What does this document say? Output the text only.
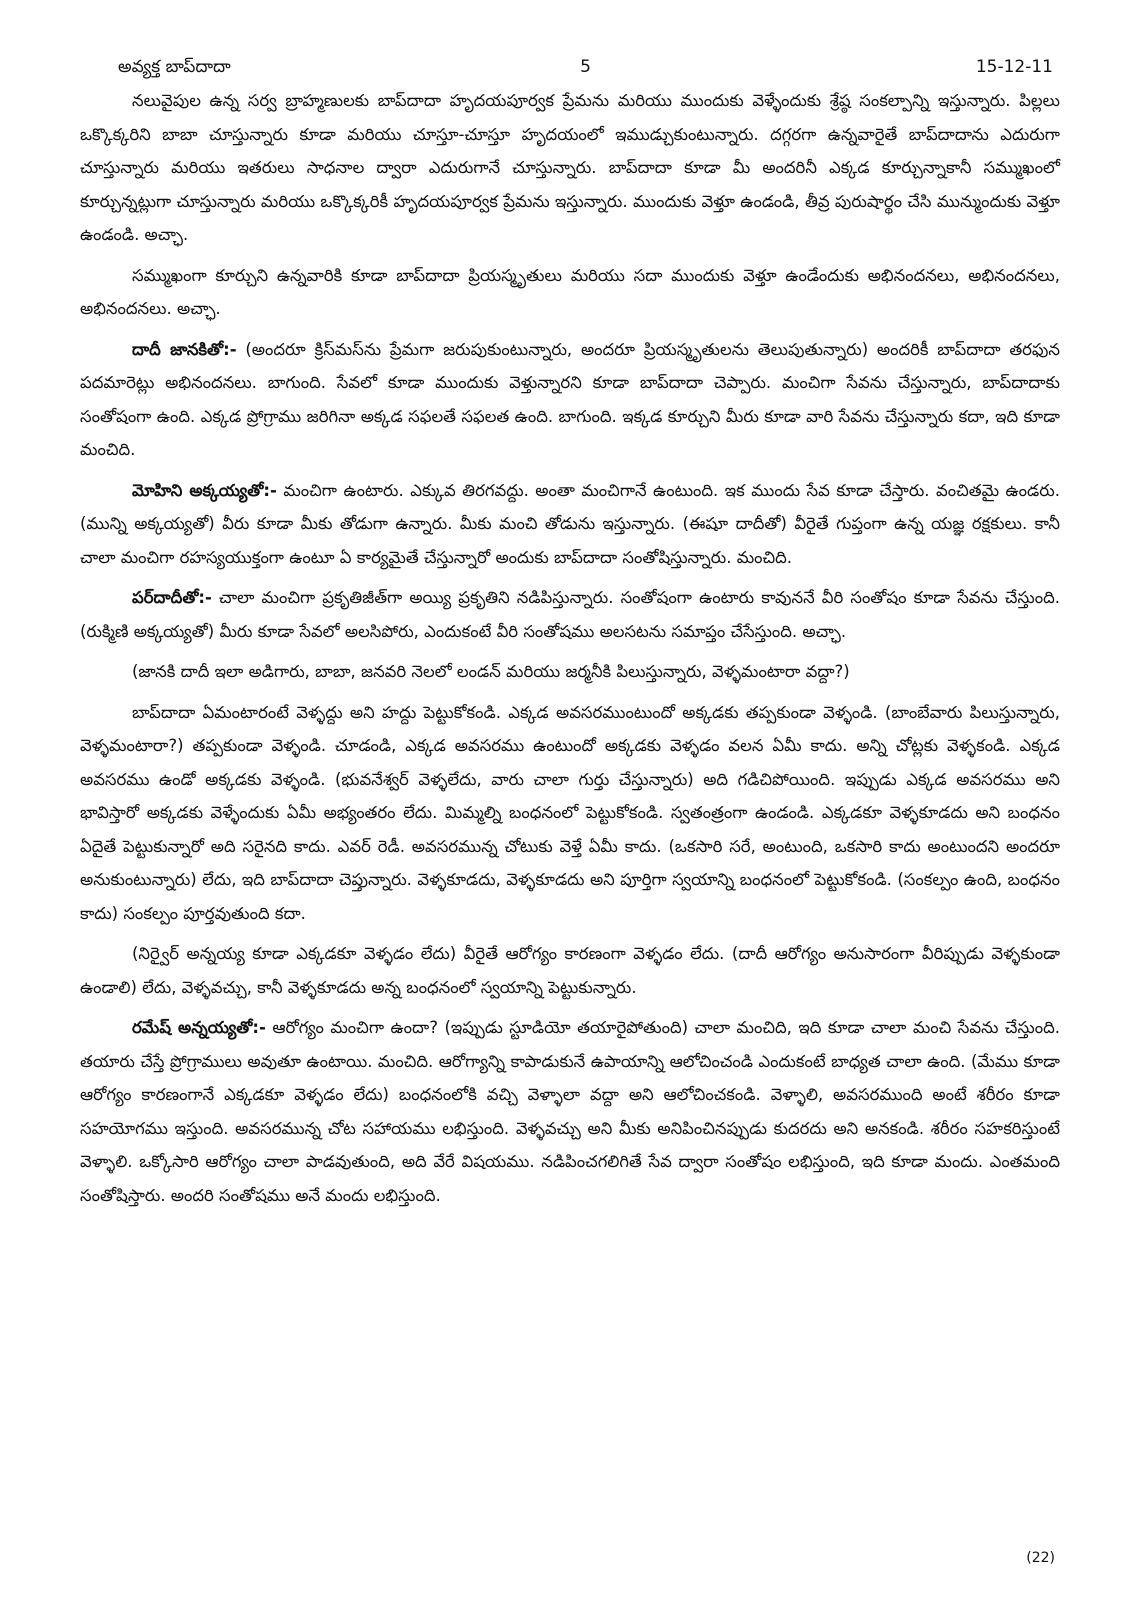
అవ్యక్త బాప్‌దాదా	5	15-12-11

నలువైపుల ఉన్న సర్వ బ్రాహ్మణులకు బాప్‌దాదా హృదయపూర్వక ప్రేమను మరియు ముందుకు వెళ్ళేందుకు శ్రేష్ఠ సంకల్పాన్ని ఇస్తున్నారు. పిల్లలు ఒక్కొక్కరిని బాబా చూస్తున్నారు కూడా మరియు చూస్తూ-చూస్తూ హృదయంలో ఇముడ్చుకుంటున్నారు. దగ్గరగా ఉన్నవారైతే బాప్‌దాదాను ఎదురుగా చూస్తున్నారు మరియు ఇతరులు సాధనాల ద్వారా ఎదురుగానే చూస్తున్నారు. బాప్‌దాదా కూడా మీ అందరినీ ఎక్కడ కూర్చున్నాకానీ సమ్ముఖంలో కూర్చున్నట్లుగా చూస్తున్నారు మరియు ఒక్కొక్కరికీ హృదయపూర్వక ప్రేమను ఇస్తున్నారు. ముందుకు వెళ్తూ ఉండండి, తీవ్ర పురుషార్థం చేసి మున్ముందుకు వెళ్తూ ఉండండి. అచ్ఛా.

సమ్ముఖంగా కూర్చుని ఉన్నవారికి కూడా బాప్‌దాదా ప్రియస్మృతులు మరియు సదా ముందుకు వెళ్తూ ఉండేందుకు అభినందనలు, అభినందనలు, అభినందనలు. అచ్ఛా.

దాదీ జానకితో:- (అందరూ క్రిస్‌మస్‌ను ప్రేమగా జరుపుకుంటున్నారు, అందరూ ప్రియస్మృతులను తెలుపుతున్నారు) అందరికీ బాప్‌దాదా తరఫున పదమారెట్లు అభినందనలు. బాగుంది. సేవలో కూడా ముందుకు వెళ్తున్నారని కూడా బాప్‌దాదా చెప్పారు. మంచిగా సేవను చేస్తున్నారు, బాప్‌దాదాకు సంతోషంగా ఉంది. ఎక్కడ ప్రోగ్రాము జరిగినా అక్కడ సఫలతే సఫలత ఉంది. బాగుంది. ఇక్కడ కూర్చుని మీరు కూడా వారి సేవను చేస్తున్నారు కదా, ఇది కూడా మంచిది.

మోహిని అక్కయ్యతో:- మంచిగా ఉంటారు. ఎక్కువ తిరగవద్దు. అంతా మంచిగానే ఉంటుంది. ఇక ముందు సేవ కూడా చేస్తారు. వంచితమై ఉండరు. (మున్ని అక్కయ్యతో) వీరు కూడా మీకు తోడుగా ఉన్నారు. మీకు మంచి తోడును ఇస్తున్నారు. (ఈషూ దాదీతో) వీరైతే గుప్తంగా ఉన్న యజ్ఞ రక్షకులు. కానీ చాలా మంచిగా రహస్యయుక్తంగా ఉంటూ ఏ కార్యమైతే చేస్తున్నారో అందుకు బాప్‌దాదా సంతోషిస్తున్నారు. మంచిది.

పర్‌దాదీతో:- చాలా మంచిగా ప్రకృతిజీత్‌గా అయ్యి ప్రకృతిని నడిపిస్తున్నారు. సంతోషంగా ఉంటారు కావుననే వీరి సంతోషం కూడా సేవను చేస్తుంది. (రుక్మిణి అక్కయ్యతో) మీరు కూడా సేవలో అలసిపోరు, ఎందుకంటే వీరి సంతోషము అలసటను సమాప్తం చేసేస్తుంది. అచ్ఛా.

(జానకి దాదీ ఇలా అడిగారు, బాబా, జనవరి నెలలో లండన్ మరియు జర్మనీకి పిలుస్తున్నారు, వెళ్ళమంటారా వద్దా?)

బాప్‌దాదా ఏమంటారంటే వెళ్ళద్దు అని హద్దు పెట్టుకోకండి. ఎక్కడ అవసరముంటుందో అక్కడకు తప్పకుండా వెళ్ళండి. (బాంబేవారు పిలుస్తున్నారు, వెళ్ళమంటారా?) తప్పకుండా వెళ్ళండి. చూడండి, ఎక్కడ అవసరము ఉంటుందో అక్కడకు వెళ్ళడం వలన ఏమీ కాదు. అన్ని చోట్లకు వెళ్ళకండి. ఎక్కడ అవసరము ఉండో అక్కడకు వెళ్ళండి. (భువనేశ్వర్ వెళ్ళలేదు, వారు చాలా గుర్తు చేస్తున్నారు) అది గడిచిపోయింది. ఇప్పుడు ఎక్కడ అవసరము అని భావిస్తారో అక్కడకు వెళ్ళేందుకు ఏమీ అభ్యంతరం లేదు. మిమ్మల్ని బంధనంలో పెట్టుకోకండి. స్వతంత్రంగా ఉండండి. ఎక్కడకూ వెళ్ళకూడదు అని బంధనం ఏదైతే పెట్టుకున్నారో అది సరైనది కాదు. ఎవర్ రెడీ. అవసరమున్న చోటుకు వెళ్తే ఏమీ కాదు. (ఒకసారి సరే, అంటుంది, ఒకసారి కాదు అంటుందని అందరూ అనుకుంటున్నారు) లేదు, ఇది బాప్‌దాదా చెప్తున్నారు. వెళ్ళకూడదు, వెళ్ళకూడదు అని పూర్తిగా స్వయాన్ని బంధనంలో పెట్టుకోకండి. (సంకల్పం ఉంది, బంధనం కాదు) సంకల్పం పూర్తవుతుంది కదా.

(నిర్వైర్ అన్నయ్య కూడా ఎక్కడకూ వెళ్ళడం లేదు) వీరైతే ఆరోగ్యం కారణంగా వెళ్ళడం లేదు. (దాదీ ఆరోగ్యం అనుసారంగా వీరిప్పుడు వెళ్ళకుండా ఉండాలి) లేదు, వెళ్ళవచ్చు, కానీ వెళ్ళకూడదు అన్న బంధనంలో స్వయాన్ని పెట్టుకున్నారు.

రమేష్ అన్నయ్యతో:- ఆరోగ్యం మంచిగా ఉందా? (ఇప్పుడు స్టూడియో తయారైపోతుంది) చాలా మంచిది, ఇది కూడా చాలా మంచి సేవను చేస్తుంది. తయారు చేస్తే ప్రోగ్రాములు అవుతూ ఉంటాయి. మంచిది. ఆరోగ్యాన్ని కాపాడుకునే ఉపాయాన్ని ఆలోచించండి ఎందుకంటే బాధ్యత చాలా ఉంది. (మేము కూడా ఆరోగ్యం కారణంగానే ఎక్కడకూ వెళ్ళడం లేదు) బంధనంలోకి వచ్చి వెళ్ళాలా వద్దా అని ఆలోచించకండి. వెళ్ళాలి, అవసరముంది అంటే శరీరం కూడా సహయోగము ఇస్తుంది. అవసరమున్న చోట సహాయము లభిస్తుంది. వెళ్ళవచ్చు అని మీకు అనిపించినప్పుడు కుదరదు అని అనకండి. శరీరం సహకరిస్తుంటే వెళ్ళాలి. ఒక్కోసారి ఆరోగ్యం చాలా పాడవుతుంది, అది వేరే విషయము. నడిపించగలిగితే సేవ ద్వారా సంతోషం లభిస్తుంది, ఇది కూడా మందు. ఎంతమంది సంతోషిస్తారు. అందరి సంతోషము అనే మందు లభిస్తుంది.

(22)
